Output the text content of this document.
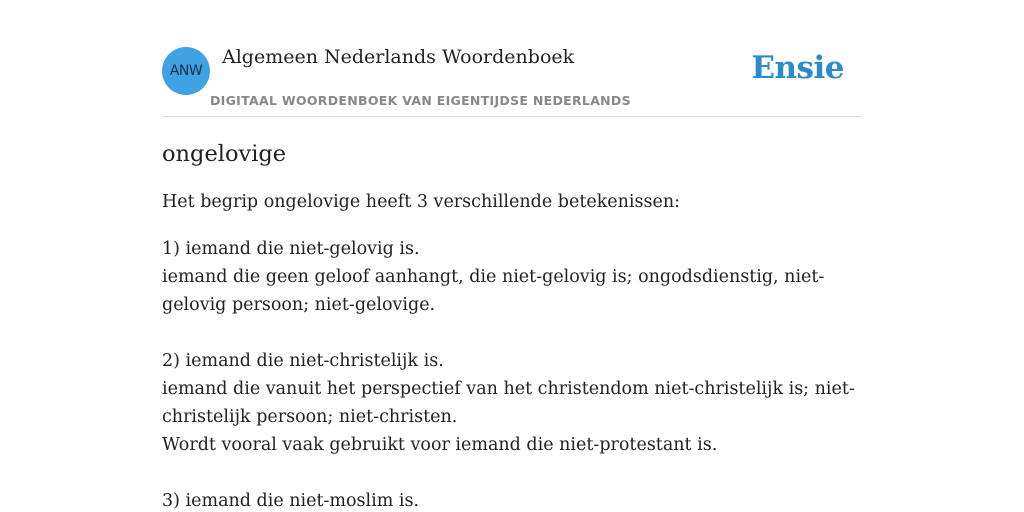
ANW
Algemeen Nederlands Woordenboek
DIGITAAL WOORDENBOEK VAN EIGENTIJDSE NEDERLANDS
Ensie
ongelovige

Het begrip ongelovige heeft 3 verschillende betekenissen:

1) iemand die niet-gelovig is.
iemand die geen geloof aanhangt, die niet-gelovig is; ongodsdienstig, niet-gelovig persoon; niet-gelovige.
2) iemand die niet-christelijk is.
iemand die vanuit het perspectief van het christendom niet-christelijk is; niet-christelijk persoon; niet-christen.
Wordt vooral vaak gebruikt voor iemand die niet-protestant is.
3) iemand die niet-moslim is.
